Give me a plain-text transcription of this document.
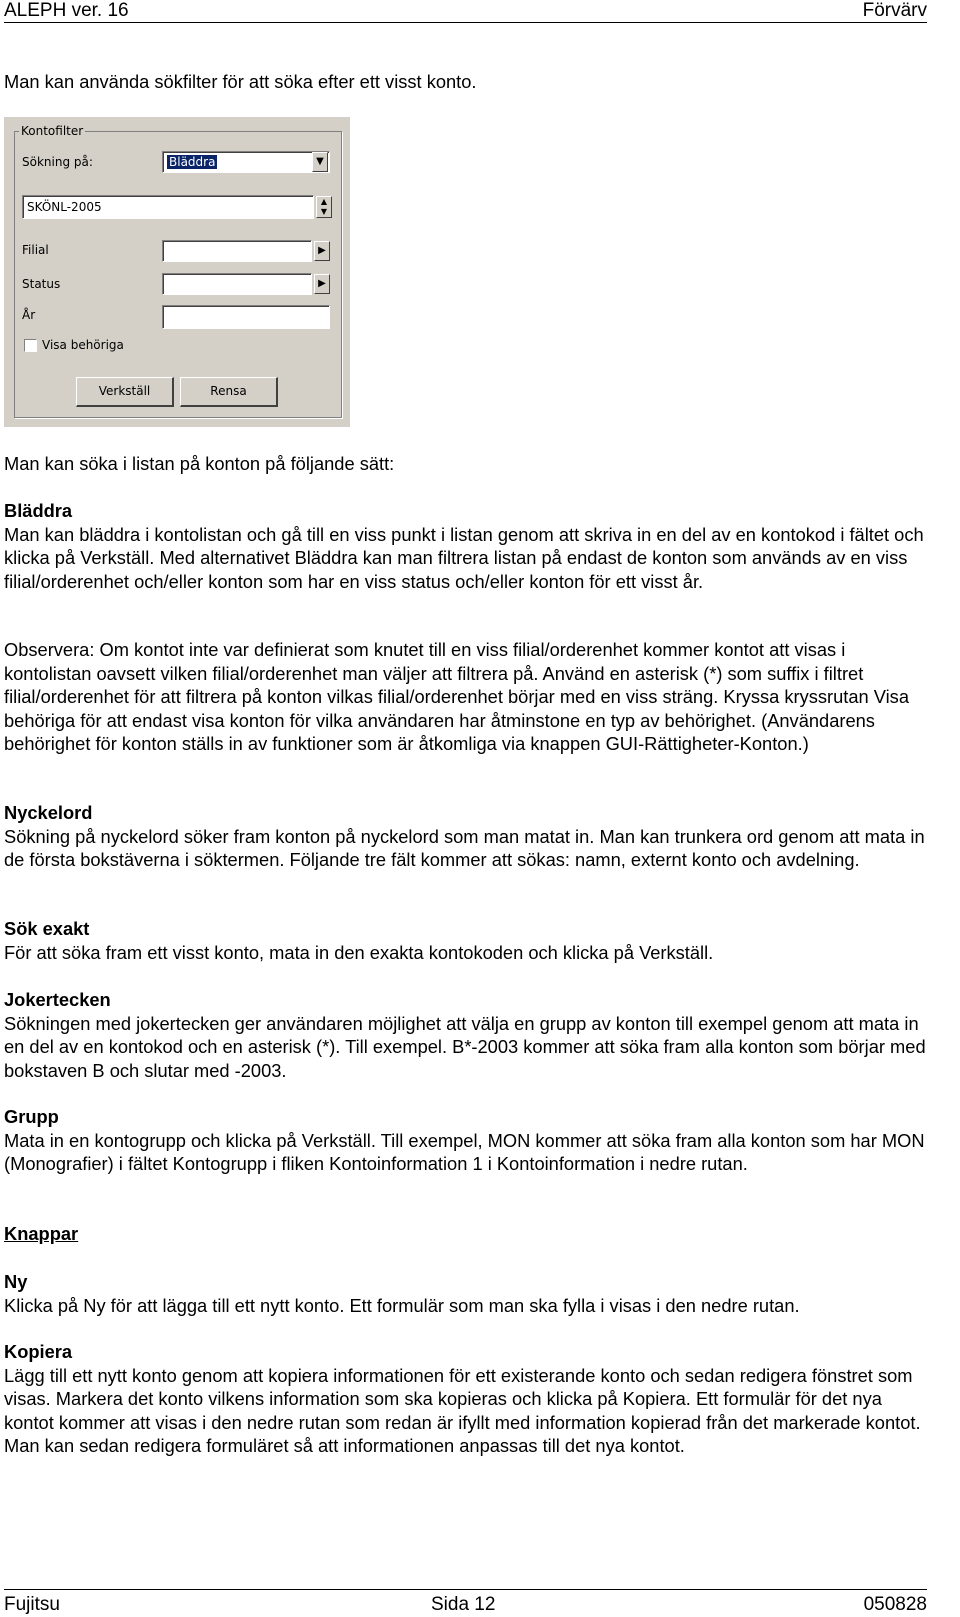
ALEPH ver. 16	Förvärv

Man kan använda sökfilter för att söka efter ett visst konto.

Kontofilter
Sökning på:	Bläddra	▼
SKÖNL-2005	▲
▼
Filial	▶
Status	▶
År
Visa behöriga
Verkställ	Rensa

Man kan söka i listan på konton på följande sätt:

Bläddra
Man kan bläddra i kontolistan och gå till en viss punkt i listan genom att skriva in en del av en kontokod i fältet och klicka på Verkställ. Med alternativet Bläddra kan man filtrera listan på endast de konton som används av en viss filial/orderenhet och/eller konton som har en viss status och/eller konton för ett visst år.
Observera: Om kontot inte var definierat som knutet till en viss filial/orderenhet kommer kontot att visas i kontolistan oavsett vilken filial/orderenhet man väljer att filtrera på. Använd en asterisk (*) som suffix i filtret filial/orderenhet för att filtrera på konton vilkas filial/orderenhet börjar med en viss sträng. Kryssa kryssrutan Visa behöriga för att endast visa konton för vilka användaren har åtminstone en typ av behörighet. (Användarens behörighet för konton ställs in av funktioner som är åtkomliga via knappen GUI-Rättigheter-Konton.)
Nyckelord
Sökning på nyckelord söker fram konton på nyckelord som man matat in. Man kan trunkera ord genom att mata in de första bokstäverna i söktermen. Följande tre fält kommer att sökas: namn, externt konto och avdelning.
Sök exakt
För att söka fram ett visst konto, mata in den exakta kontokoden och klicka på Verkställ.
Jokertecken
Sökningen med jokertecken ger användaren möjlighet att välja en grupp av konton till exempel genom att mata in en del av en kontokod och en asterisk (*). Till exempel. B*-2003 kommer att söka fram alla konton som börjar med bokstaven B och slutar med -2003.
Grupp
Mata in en kontogrupp och klicka på Verkställ. Till exempel, MON kommer att söka fram alla konton som har MON (Monografier) i fältet Kontogrupp i fliken Kontoinformation 1 i Kontoinformation i nedre rutan.
Knappar
Ny
Klicka på Ny för att lägga till ett nytt konto. Ett formulär som man ska fylla i visas i den nedre rutan.
Kopiera
Lägg till ett nytt konto genom att kopiera informationen för ett existerande konto och sedan redigera fönstret som visas. Markera det konto vilkens information som ska kopieras och klicka på Kopiera. Ett formulär för det nya kontot kommer att visas i den nedre rutan som redan är ifyllt med information kopierad från det markerade kontot. Man kan sedan redigera formuläret så att informationen anpassas till det nya kontot.
Fujitsu	Sida 12	050828
